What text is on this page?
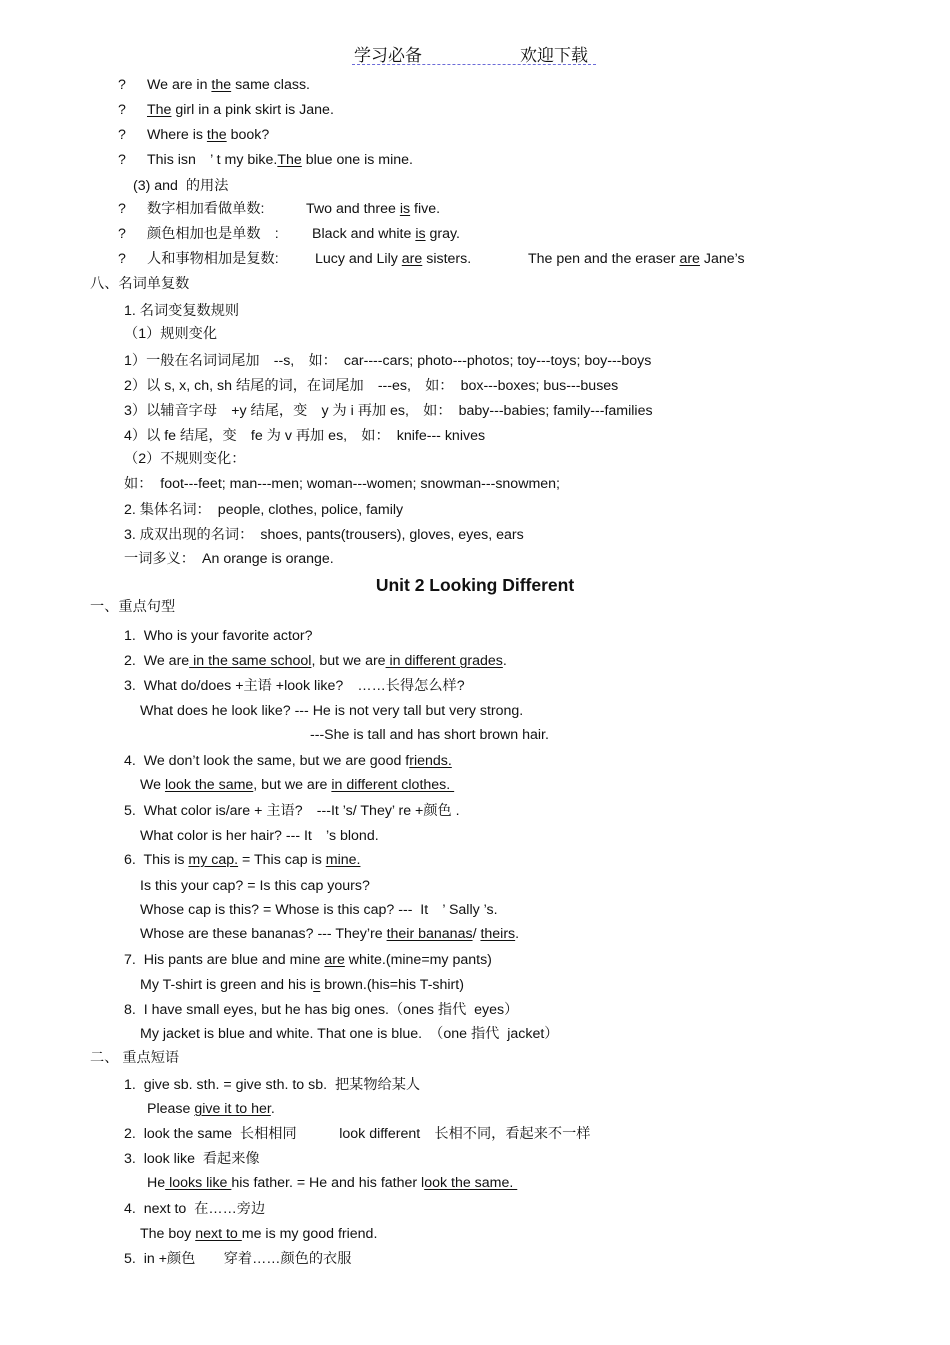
学习必备	欢迎下载
? We are in the same class.
? The girl in a pink skirt is Jane.
? Where is the book?
? This isn　’ t my bike.The blue one is mine.
(3) and  的用法
? 数字相加看做单数:	Two and three is five.
? 颜色相加也是单数　: Black and white is gray.
? 人和事物相加是复数:	Lucy and Lily are sisters.	The pen and the eraser are Jane’s
八、名词单复数
1. 名词变复数规则
（1）规则变化
1）一般在名词词尾加　--s,　如：　car----cars; photo---photos; toy---toys; boy---boys
2）以 s, x, ch, sh 结尾的词，在词尾加　---es,　如：　box---boxes; bus---buses
3）以辅音字母　+y 结尾，变　y 为 i 再加 es,　如：　baby---babies; family---families
4）以 fe 结尾，变　fe 为 v 再加 es,　如：　knife--- knives
（2）不规则变化：
如：  foot---feet; man---men; woman---women; snowman---snowmen;
2. 集体名词：　people, clothes, police, family
3. 成双出现的名词：　shoes, pants(trousers), gloves, eyes, ears
一词多义：　An orange is orange.
Unit 2 Looking Different
一、重点句型
1.  Who is your favorite actor?
2.  We are in the same school, but we are in different grades.
3.  What do/does +主语 +look like?　……长得怎么样?
What does he look like? --- He is not very tall but very strong.
---She is tall and has short brown hair.
4.  We don’t look the same, but we are good friends.
We look the same, but we are in different clothes.
5.  What color is/are + 主语?　---It ’s/ They’ re +颜色 .
What color is her hair? --- It　’s blond.
6.  This is my cap. = This cap is mine.
Is this your cap? = Is this cap yours?
Whose cap is this? = Whose is this cap? ---  It　’ Sally ’s.
Whose are these bananas? --- They’re their bananas/ theirs.
7.  His pants are blue and mine are white.(mine=my pants)
My T-shirt is green and his is brown.(his=his T-shirt)
8.  I have small eyes, but he has big ones.（ones 指代  eyes）
My jacket is blue and white. That one is blue.　（one 指代  jacket）
二、 重点短语
1.  give sb. sth. = give sth. to sb.  把某物给某人
Please give it to her.
2.  look the same  长相相同　　　look different　长相不同，看起来不一样
3.  look like  看起来像
He looks like his father. = He and his father look the same.
4.  next to  在……旁边
The boy next to me is my good friend.
5.  in +颜色　　穿着……颜色的衣服
